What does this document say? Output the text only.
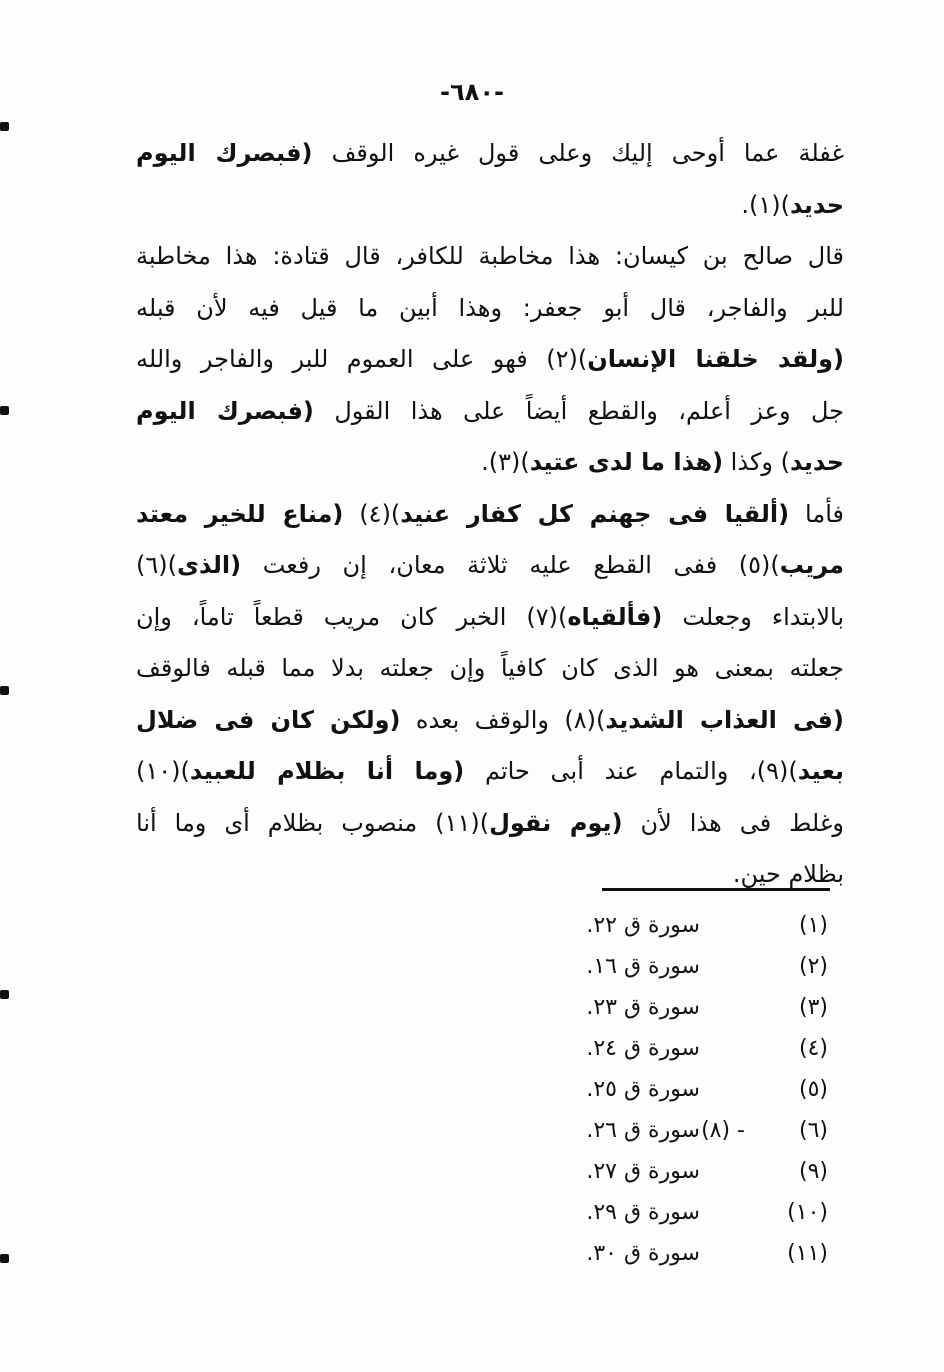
-٦٨٠-
غفلة عما أوحى إليك وعلى قول غيره الوقف (فبصرك اليوم
حديد)(١).
قال صالح بن كيسان: هذا مخاطبة للكافر، قال قتادة: هذا مخاطبة
للبر والفاجر، قال أبو جعفر: وهذا أبين ما قيل فيه لأن قبله
(ولقد خلقنا الإنسان)(٢) فهو على العموم للبر والفاجر والله
جل وعز أعلم، والقطع أيضاً على هذا القول (فبصرك اليوم
حديد) وكذا (هذا ما لدى عتيد)(٣).
فأما (ألقيا فى جهنم كل كفار عنيد)(٤) (مناع للخير معتد
مريب)(٥) ففى القطع عليه ثلاثة معان، إن رفعت (الذى)(٦)
بالابتداء وجعلت (فألقياه)(٧) الخبر كان مريب قطعاً تاماً، وإن
جعلته بمعنى هو الذى كان كافياً وإن جعلته بدلا مما قبله فالوقف
(فى العذاب الشديد)(٨) والوقف بعده (ولكن كان فى ضلال
بعيد)(٩)، والتمام عند أبى حاتم (وما أنا بظلام للعبيد)(١٠)
وغلط فى هذا لأن (يوم نقول)(١١) منصوب بظلام أى وما أنا
بظلام حين.
(١)
سورة ق ٢٢.
(٢)
سورة ق ١٦.
(٣)
سورة ق ٢٣.
(٤)
سورة ق ٢٤.
(٥)
سورة ق ٢٥.
(٦)
- (٨)
سورة ق ٢٦.
(٩)
سورة ق ٢٧.
(١٠)
سورة ق ٢٩.
(١١)
سورة ق ٣٠.
